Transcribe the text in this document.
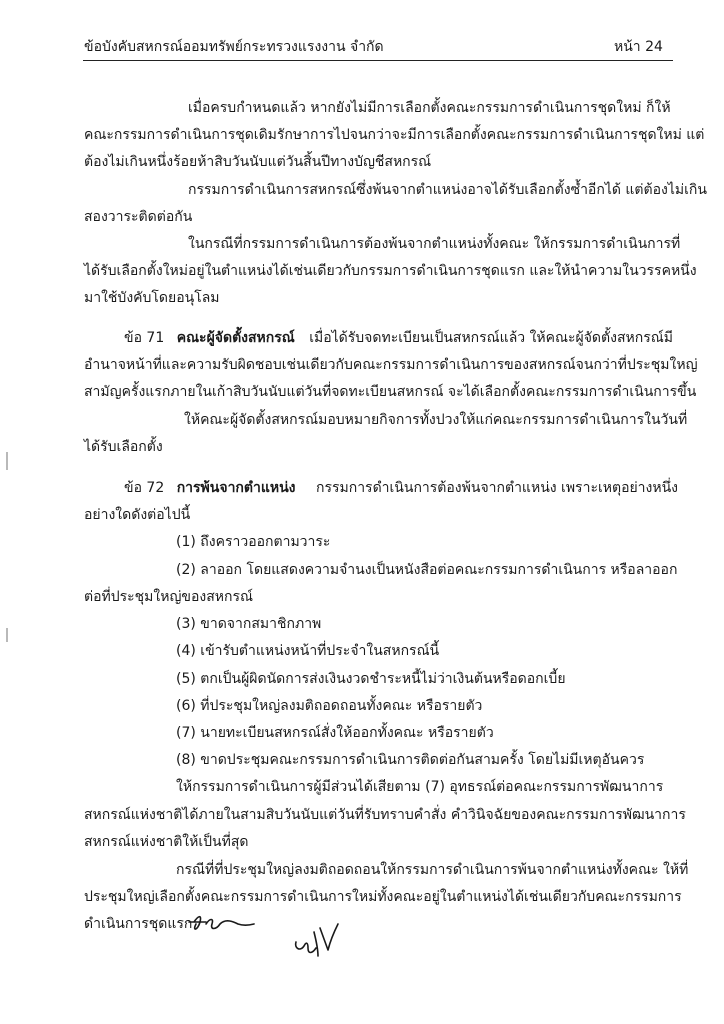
ข้อบังคับสหกรณ์ออมทรัพย์กระทรวงแรงงาน จำกัด	หน้า 24
เมื่อครบกำหนดแล้ว หากยังไม่มีการเลือกตั้งคณะกรรมการดำเนินการชุดใหม่ ก็ให้
คณะกรรมการดำเนินการชุดเดิมรักษาการไปจนกว่าจะมีการเลือกตั้งคณะกรรมการดำเนินการชุดใหม่ แต่
ต้องไม่เกินหนึ่งร้อยห้าสิบวันนับแต่วันสิ้นปีทางบัญชีสหกรณ์
กรรมการดำเนินการสหกรณ์ซึ่งพ้นจากตำแหน่งอาจได้รับเลือกตั้งซ้ำอีกได้ แต่ต้องไม่เกิน
สองวาระติดต่อกัน
ในกรณีที่กรรมการดำเนินการต้องพ้นจากตำแหน่งทั้งคณะ ให้กรรมการดำเนินการที่
ได้รับเลือกตั้งใหม่อยู่ในตำแหน่งได้เช่นเดียวกับกรรมการดำเนินการชุดแรก และให้นำความในวรรคหนึ่ง
มาใช้บังคับโดยอนุโลม
ข้อ 71 คณะผู้จัดตั้งสหกรณ์ เมื่อได้รับจดทะเบียนเป็นสหกรณ์แล้ว ให้คณะผู้จัดตั้งสหกรณ์มี
อำนาจหน้าที่และความรับผิดชอบเช่นเดียวกับคณะกรรมการดำเนินการของสหกรณ์จนกว่าที่ประชุมใหญ่
สามัญครั้งแรกภายในเก้าสิบวันนับแต่วันที่จดทะเบียนสหกรณ์ จะได้เลือกตั้งคณะกรรมการดำเนินการขึ้น
ให้คณะผู้จัดตั้งสหกรณ์มอบหมายกิจการทั้งปวงให้แก่คณะกรรมการดำเนินการในวันที่
ได้รับเลือกตั้ง
ข้อ 72 การพ้นจากตำแหน่ง กรรมการดำเนินการต้องพ้นจากตำแหน่ง เพราะเหตุอย่างหนึ่ง
อย่างใดดังต่อไปนี้
(1) ถึงคราวออกตามวาระ
(2) ลาออก โดยแสดงความจำนงเป็นหนังสือต่อคณะกรรมการดำเนินการ หรือลาออก
ต่อที่ประชุมใหญ่ของสหกรณ์
(3) ขาดจากสมาชิกภาพ
(4) เข้ารับตำแหน่งหน้าที่ประจำในสหกรณ์นี้
(5) ตกเป็นผู้ผิดนัดการส่งเงินงวดชำระหนี้ไม่ว่าเงินต้นหรือดอกเบี้ย
(6) ที่ประชุมใหญ่ลงมติถอดถอนทั้งคณะ หรือรายตัว
(7) นายทะเบียนสหกรณ์สั่งให้ออกทั้งคณะ หรือรายตัว
(8) ขาดประชุมคณะกรรมการดำเนินการติดต่อกันสามครั้ง โดยไม่มีเหตุอันควร
ให้กรรมการดำเนินการผู้มีส่วนได้เสียตาม (7) อุทธรณ์ต่อคณะกรรมการพัฒนาการ
สหกรณ์แห่งชาติได้ภายในสามสิบวันนับแต่วันที่รับทราบคำสั่ง คำวินิจฉัยของคณะกรรมการพัฒนาการ
สหกรณ์แห่งชาติให้เป็นที่สุด
กรณีที่ที่ประชุมใหญ่ลงมติถอดถอนให้กรรมการดำเนินการพ้นจากตำแหน่งทั้งคณะ ให้ที่
ประชุมใหญ่เลือกตั้งคณะกรรมการดำเนินการใหม่ทั้งคณะอยู่ในตำแหน่งได้เช่นเดียวกับคณะกรรมการ
ดำเนินการชุดแรก
